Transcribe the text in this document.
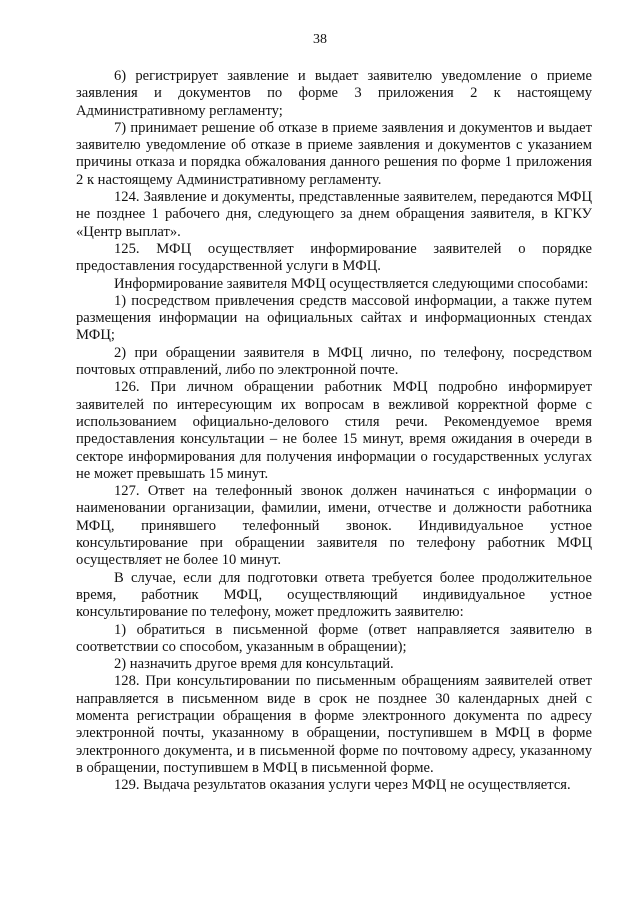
38

6) регистрирует заявление и выдает заявителю уведомление о приеме заявления и документов по форме 3 приложения 2 к настоящему Административному регламенту;

7) принимает решение об отказе в приеме заявления и документов и выдает заявителю уведомление об отказе в приеме заявления и документов с указанием причины отказа и порядка обжалования данного решения по форме 1 приложения 2 к настоящему Административному регламенту.

124. Заявление и документы, представленные заявителем, передаются МФЦ не позднее 1 рабочего дня, следующего за днем обращения заявителя, в КГКУ «Центр выплат».

125. МФЦ осуществляет информирование заявителей о порядке предоставления государственной услуги в МФЦ.

Информирование заявителя МФЦ осуществляется следующими способами:

1) посредством привлечения средств массовой информации, а также путем размещения информации на официальных сайтах и информационных стендах МФЦ;

2) при обращении заявителя в МФЦ лично, по телефону, посредством почтовых отправлений, либо по электронной почте.

126. При личном обращении работник МФЦ подробно информирует заявителей по интересующим их вопросам в вежливой корректной форме с использованием официально-делового стиля речи. Рекомендуемое время предоставления консультации – не более 15 минут, время ожидания в очереди в секторе информирования для получения информации о государственных услугах не может превышать 15 минут.

127. Ответ на телефонный звонок должен начинаться с информации о наименовании организации, фамилии, имени, отчестве и должности работника МФЦ, принявшего телефонный звонок. Индивидуальное устное консультирование при обращении заявителя по телефону работник МФЦ осуществляет не более 10 минут.

В случае, если для подготовки ответа требуется более продолжительное время, работник МФЦ, осуществляющий индивидуальное устное консультирование по телефону, может предложить заявителю:

1) обратиться в письменной форме (ответ направляется заявителю в соответствии со способом, указанным в обращении);

2) назначить другое время для консультаций.

128. При консультировании по письменным обращениям заявителей ответ направляется в письменном виде в срок не позднее 30 календарных дней с момента регистрации обращения в форме электронного документа по адресу электронной почты, указанному в обращении, поступившем в МФЦ в форме электронного документа, и в письменной форме по почтовому адресу, указанному в обращении, поступившем в МФЦ в письменной форме.

129. Выдача результатов оказания услуги через МФЦ не осуществляется.
